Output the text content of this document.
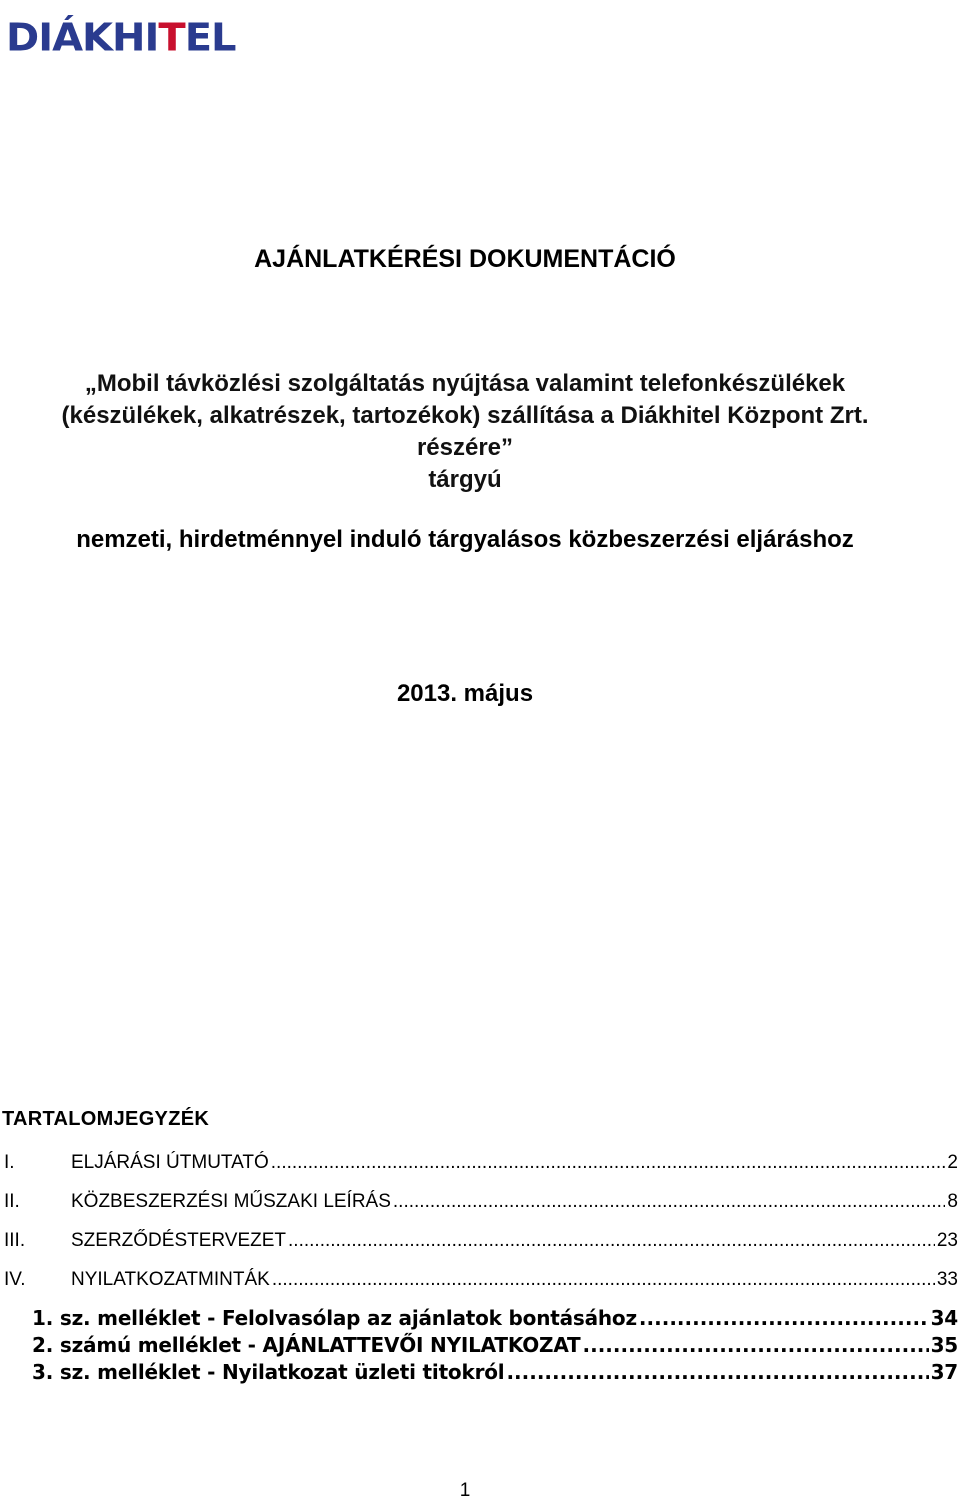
DIÁKHITEL
AJÁNLATKÉRÉSI DOKUMENTÁCIÓ
„Mobil távközlési szolgáltatás nyújtása valamint telefonkészülékek
(készülékek, alkatrészek, tartozékok) szállítása a Diákhitel Központ Zrt.
részére”
tárgyú
nemzeti, hirdetménnyel induló tárgyalásos közbeszerzési eljáráshoz
2013. május
TARTALOMJEGYZÉK
I.	ELJÁRÁSI ÚTMUTATÓ .....	2
II.	KÖZBESZERZÉSI MŰSZAKI LEÍRÁS .....	8
III.	SZERZŐDÉSTERVEZET .....	23
IV.	NYILATKOZATMINTÁK .....	33
1. sz. melléklet - Felolvasólap az ajánlatok bontásához .....	34
2. számú melléklet - AJÁNLATTEVŐI NYILATKOZAT .....	35
3. sz. melléklet - Nyilatkozat üzleti titokról .....	37
1
